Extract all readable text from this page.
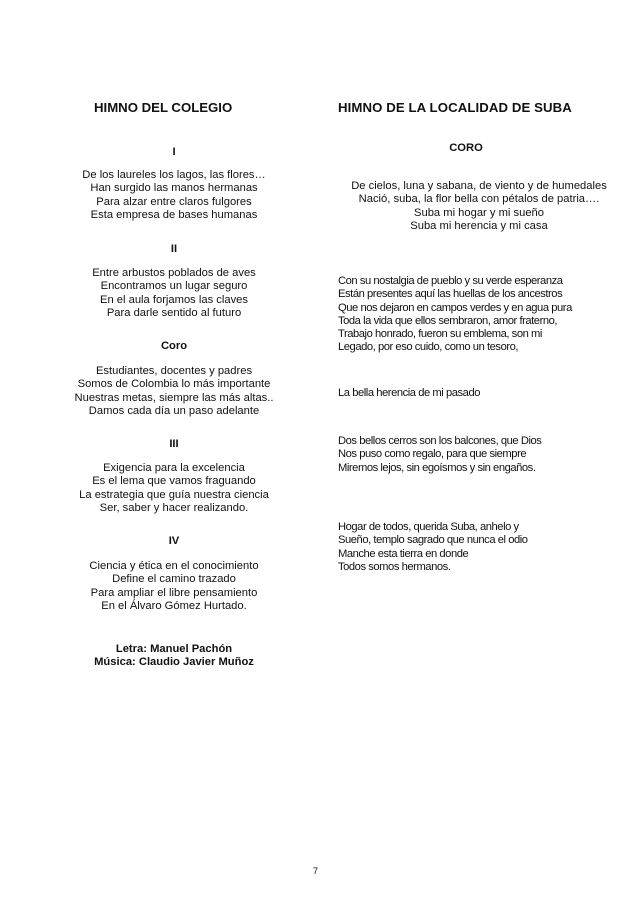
HIMNO DEL COLEGIO
I
De los laureles los lagos, las flores…
Han surgido las manos hermanas
Para alzar entre claros fulgores
Esta empresa de bases humanas
II
Entre arbustos poblados de aves
Encontramos un lugar seguro
En el aula forjamos las claves
Para darle sentido al futuro
Coro
Estudiantes, docentes y padres
Somos de Colombia lo más importante
Nuestras metas, siempre las más altas..
Damos cada día un paso adelante
III
Exigencia para la excelencia
Es el lema que vamos fraguando
La estrategia que guía nuestra ciencia
Ser, saber y hacer realizando.
IV
Ciencia y ética en el conocimiento
Define el camino trazado
Para ampliar el libre pensamiento
En el Álvaro Gómez Hurtado.
Letra: Manuel Pachón
Música: Claudio Javier Muñoz
HIMNO DE LA LOCALIDAD DE SUBA
CORO
De cielos, luna y sabana, de viento y de humedales
Nació, suba, la flor bella con pétalos de patria….
Suba mi hogar y mi sueño
Suba mi herencia y mi casa
Con su nostalgia de pueblo y su verde esperanza
Están presentes aquí las huellas de los ancestros
Que nos dejaron en campos verdes y en agua pura
Toda la vida que ellos sembraron, amor fraterno,
Trabajo honrado, fueron su emblema, son mi
Legado, por eso cuido, como un tesoro,
La bella herencia de mi pasado
Dos bellos cerros son los balcones, que Dios
Nos puso como regalo, para que siempre
Miremos lejos, sin egoísmos y sin engaños.
Hogar de todos, querida Suba, anhelo y
Sueño, templo sagrado que nunca el odio
Manche esta tierra en donde
Todos somos hermanos.
7
